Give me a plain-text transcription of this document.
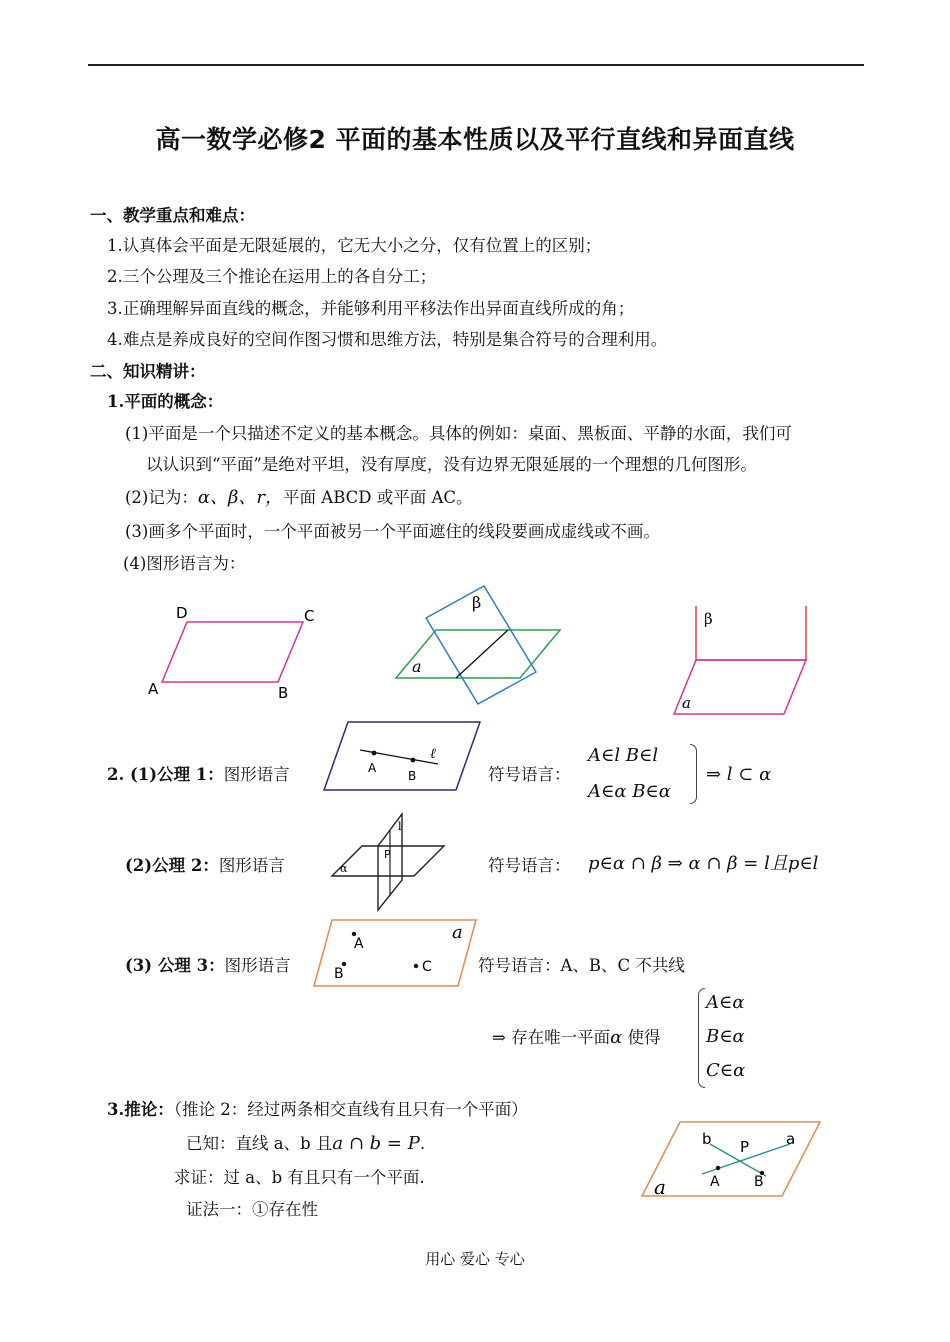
高一数学必修2 平面的基本性质以及平行直线和异面直线
一、教学重点和难点：
1.认真体会平面是无限延展的，它无大小之分，仅有位置上的区别；
2.三个公理及三个推论在运用上的各自分工；
3.正确理解异面直线的概念，并能够利用平移法作出异面直线所成的角；
4.难点是养成良好的空间作图习惯和思维方法，特别是集合符号的合理利用。
二、知识精讲：
1.平面的概念：
(1)平面是一个只描述不定义的基本概念。具体的例如：桌面、黑板面、平静的水面，我们可
以认识到“平面”是绝对平坦，没有厚度，没有边界无限延展的一个理想的几何图形。
(2)记为：α、β、r，平面 ABCD 或平面 AC。
(3)画多个平面时，一个平面被另一个平面遮住的线段要画成虚线或不画。
(4)图形语言为：
D	C
A	B
β
a
β
a
2. (1)公理 1：图形语言	A
B
ℓ
符号语言：
A∈l B∈l
A∈α B∈α
⇒ l ⊂ α
(2)公理 2：图形语言
l
P
α	符号语言： p∈α ∩ β ⇒ α ∩ β = l且p∈l
(3) 公理 3：图形语言
A
B	C
a
符号语言：A、B、C 不共线
⇒ 存在唯一平面α 使得
A∈α
B∈α
C∈α
3.推论：（推论 2：经过两条相交直线有且只有一个平面）
已知：直线 a、b 且a ∩ b = P.
求证：过 a、b 有且只有一个平面.
证法一：①存在性
b P a
A B
a
用心 爱心 专心
